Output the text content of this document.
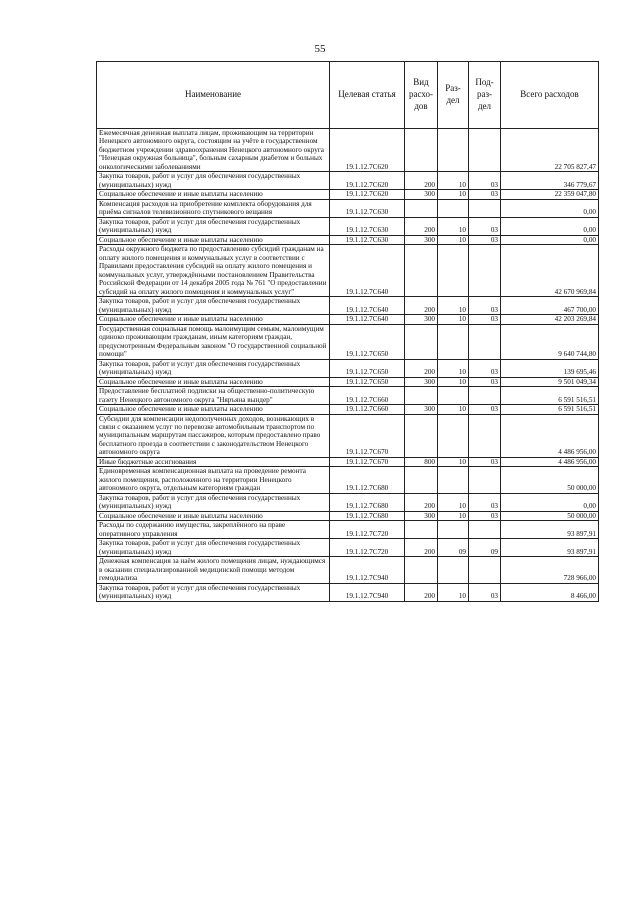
55
Наименование	Целевая статья	Вид расхо-дов	Раз-дел	Под-раз-дел	Всего расходов
Ежемесячная денежная выплата лицам, проживающим на территории Ненецкого автономного округа, состоящим на учёте в государственном бюджетном учреждении здравоохранения Ненецкого автономного округа "Ненецкая окружная больница", больным сахарным диабетом и больных онкологическими заболеваниями	19.1.12.7C620				22 705 827,47
Закупка товаров, работ и услуг для обеспечения государственных (муниципальных) нужд	19.1.12.7C620	200	10	03	346 779,67
Социальное обеспечение и иные выплаты населению	19.1.12.7C620	300	10	03	22 359 047,80
Компенсация расходов на приобретение комплекта оборудования для приёма сигналов телевизионного спутникового вещания	19.1.12.7C630				0,00
Закупка товаров, работ и услуг для обеспечения государственных (муниципальных) нужд	19.1.12.7C630	200	10	03	0,00
Социальное обеспечение и иные выплаты населению	19.1.12.7C630	300	10	03	0,00
Расходы окружного бюджета по предоставлению субсидий гражданам на оплату жилого помещения и коммунальных услуг в соответствии с Правилами предоставления субсидий на оплату жилого помещения и коммунальных услуг, утверждёнными постановлением Правительства Российской Федерации от 14 декабря 2005 года № 761 "О предоставлении субсидий на оплату жилого помещения и коммунальных услуг"	19.1.12.7C640				42 670 969,84
Закупка товаров, работ и услуг для обеспечения государственных (муниципальных) нужд	19.1.12.7C640	200	10	03	467 700,00
Социальное обеспечение и иные выплаты населению	19.1.12.7C640	300	10	03	42 203 269,84
Государственная социальная помощь малоимущим семьям, малоимущим одиноко проживающим гражданам, иным категориям граждан, предусмотренным Федеральным законом "О государственной социальной помощи"	19.1.12.7C650				9 640 744,80
Закупка товаров, работ и услуг для обеспечения государственных (муниципальных) нужд	19.1.12.7C650	200	10	03	139 695,46
Социальное обеспечение и иные выплаты населению	19.1.12.7C650	300	10	03	9 501 049,34
Предоставление бесплатной подписки на общественно-политическую газету Ненецкого автономного округа "Няръяна вындер"	19.1.12.7C660				6 591 516,51
Социальное обеспечение и иные выплаты населению	19.1.12.7C660	300	10	03	6 591 516,51
Субсидии для компенсации недополученных доходов, возникающих в связи с оказанием услуг по перевозке автомобильным транспортом по муниципальным маршрутам пассажиров, которым предоставлено право бесплатного проезда в соответствии с законодательством Ненецкого автономного округа	19.1.12.7C670				4 486 956,00
Иные бюджетные ассигнования	19.1.12.7C670	800	10	03	4 486 956,00
Единовременная компенсационная выплата на проведение ремонта жилого помещения, расположенного на территории Ненецкого автономного округа, отдельным категориям граждан	19.1.12.7C680				50 000,00
Закупка товаров, работ и услуг для обеспечения государственных (муниципальных) нужд	19.1.12.7C680	200	10	03	0,00
Социальное обеспечение и иные выплаты населению	19.1.12.7C680	300	10	03	50 000,00
Расходы по содержанию имущества, закреплённого на праве оперативного управления	19.1.12.7C720				93 897,91
Закупка товаров, работ и услуг для обеспечения государственных (муниципальных) нужд	19.1.12.7C720	200	09	09	93 897,91
Денежная компенсация за наём жилого помещения лицам, нуждающимся в оказании специализированной медицинской помощи методом гемодиализа	19.1.12.7C940				728 966,00
Закупка товаров, работ и услуг для обеспечения государственных (муниципальных) нужд	19.1.12.7C940	200	10	03	8 466,00
